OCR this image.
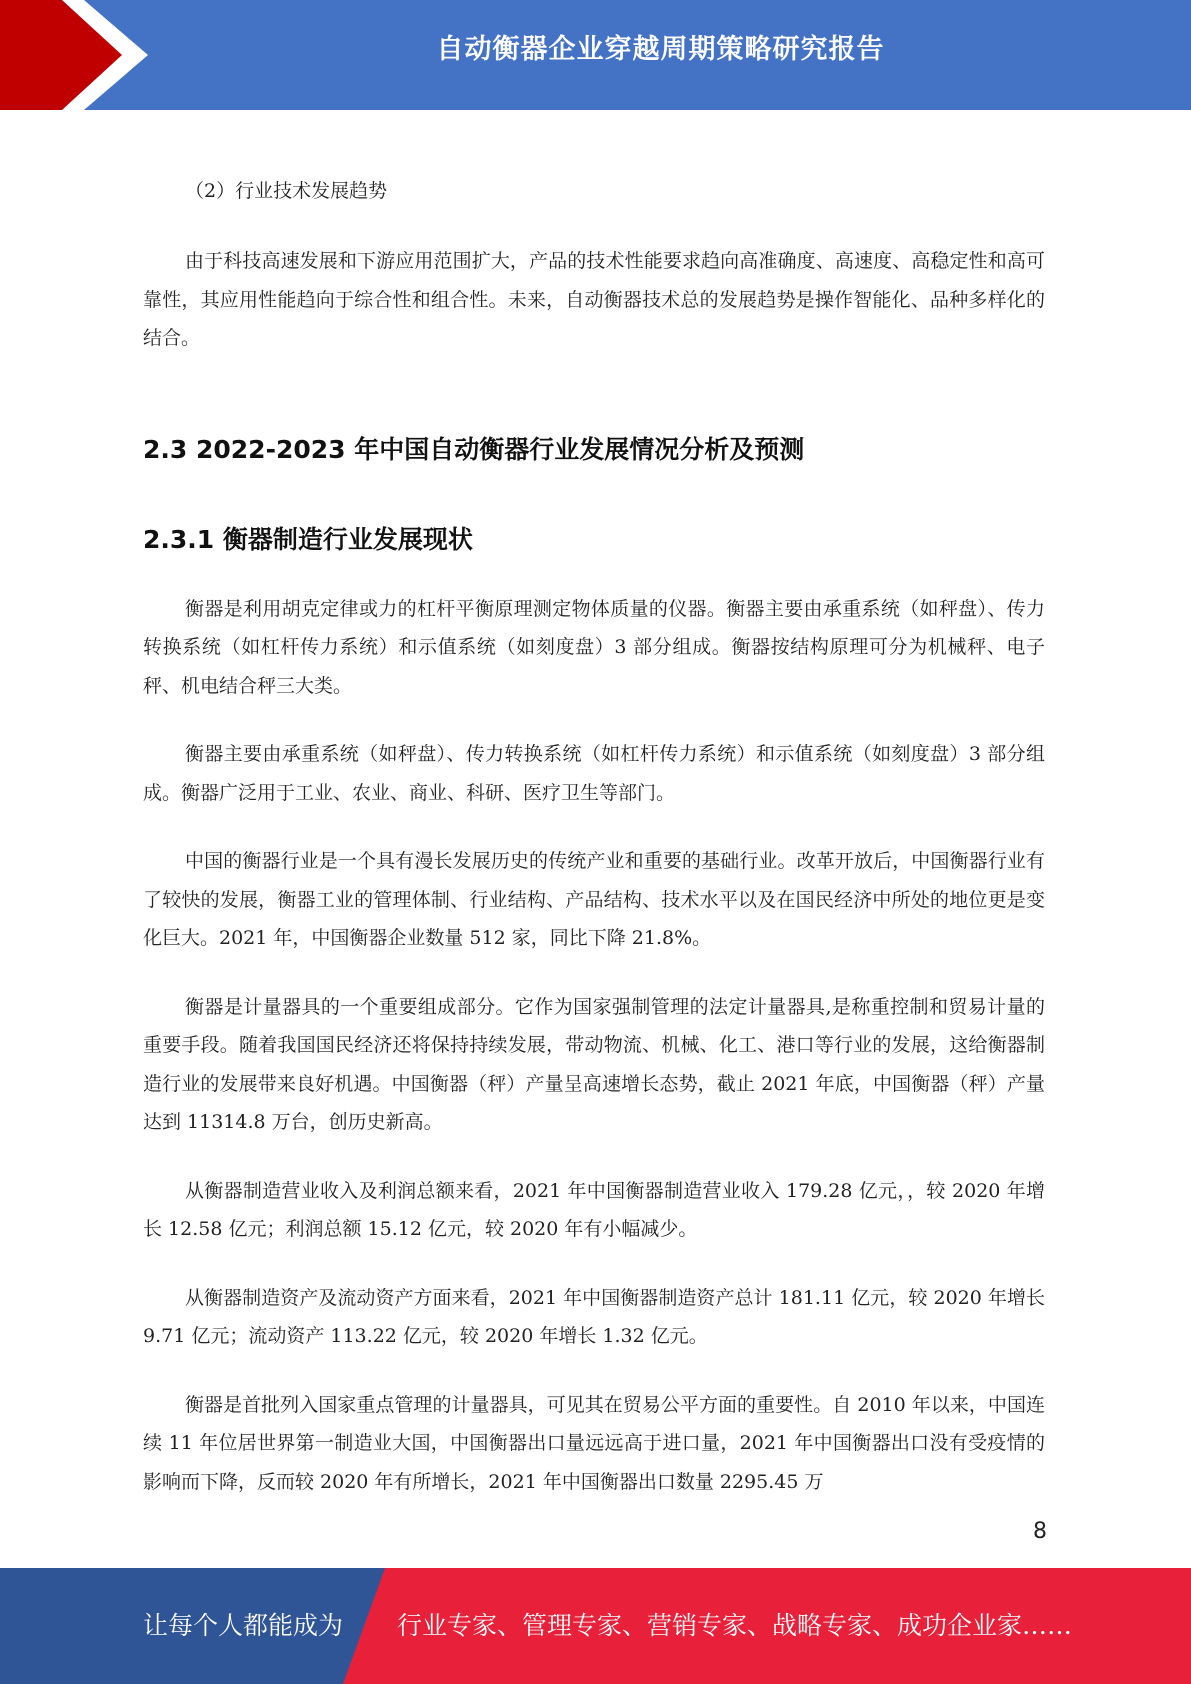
自动衡器企业穿越周期策略研究报告
（2）行业技术发展趋势

由于科技高速发展和下游应用范围扩大，产品的技术性能要求趋向高准确度、高速度、高稳定性和高可靠性，其应用性能趋向于综合性和组合性。未来，自动衡器技术总的发展趋势是操作智能化、品种多样化的结合。

2.3 2022-2023 年中国自动衡器行业发展情况分析及预测
2.3.1 衡器制造行业发展现状

衡器是利用胡克定律或力的杠杆平衡原理测定物体质量的仪器。衡器主要由承重系统（如秤盘）、传力转换系统（如杠杆传力系统）和示值系统（如刻度盘）3 部分组成。衡器按结构原理可分为机械秤、电子秤、机电结合秤三大类。

衡器主要由承重系统（如秤盘）、传力转换系统（如杠杆传力系统）和示值系统（如刻度盘）3 部分组成。衡器广泛用于工业、农业、商业、科研、医疗卫生等部门。

中国的衡器行业是一个具有漫长发展历史的传统产业和重要的基础行业。改革开放后，中国衡器行业有了较快的发展，衡器工业的管理体制、行业结构、产品结构、技术水平以及在国民经济中所处的地位更是变化巨大。2021 年，中国衡器企业数量 512 家，同比下降 21.8%。

衡器是计量器具的一个重要组成部分。它作为国家强制管理的法定计量器具,是称重控制和贸易计量的重要手段。随着我国国民经济还将保持持续发展，带动物流、机械、化工、港口等行业的发展，这给衡器制造行业的发展带来良好机遇。中国衡器（秤）产量呈高速增长态势，截止 2021 年底，中国衡器（秤）产量达到 11314.8 万台，创历史新高。

从衡器制造营业收入及利润总额来看，2021 年中国衡器制造营业收入 179.28 亿元，，较 2020 年增长 12.58 亿元；利润总额 15.12 亿元，较 2020 年有小幅减少。

从衡器制造资产及流动资产方面来看，2021 年中国衡器制造资产总计 181.11 亿元，较 2020 年增长 9.71 亿元；流动资产 113.22 亿元，较 2020 年增长 1.32 亿元。

衡器是首批列入国家重点管理的计量器具，可见其在贸易公平方面的重要性。自 2010 年以来，中国连续 11 年位居世界第一制造业大国，中国衡器出口量远远高于进口量，2021 年中国衡器出口没有受疫情的影响而下降，反而较 2020 年有所增长，2021 年中国衡器出口数量 2295.45 万

8
让每个人都能成为 行业专家、管理专家、营销专家、战略专家、成功企业家……
